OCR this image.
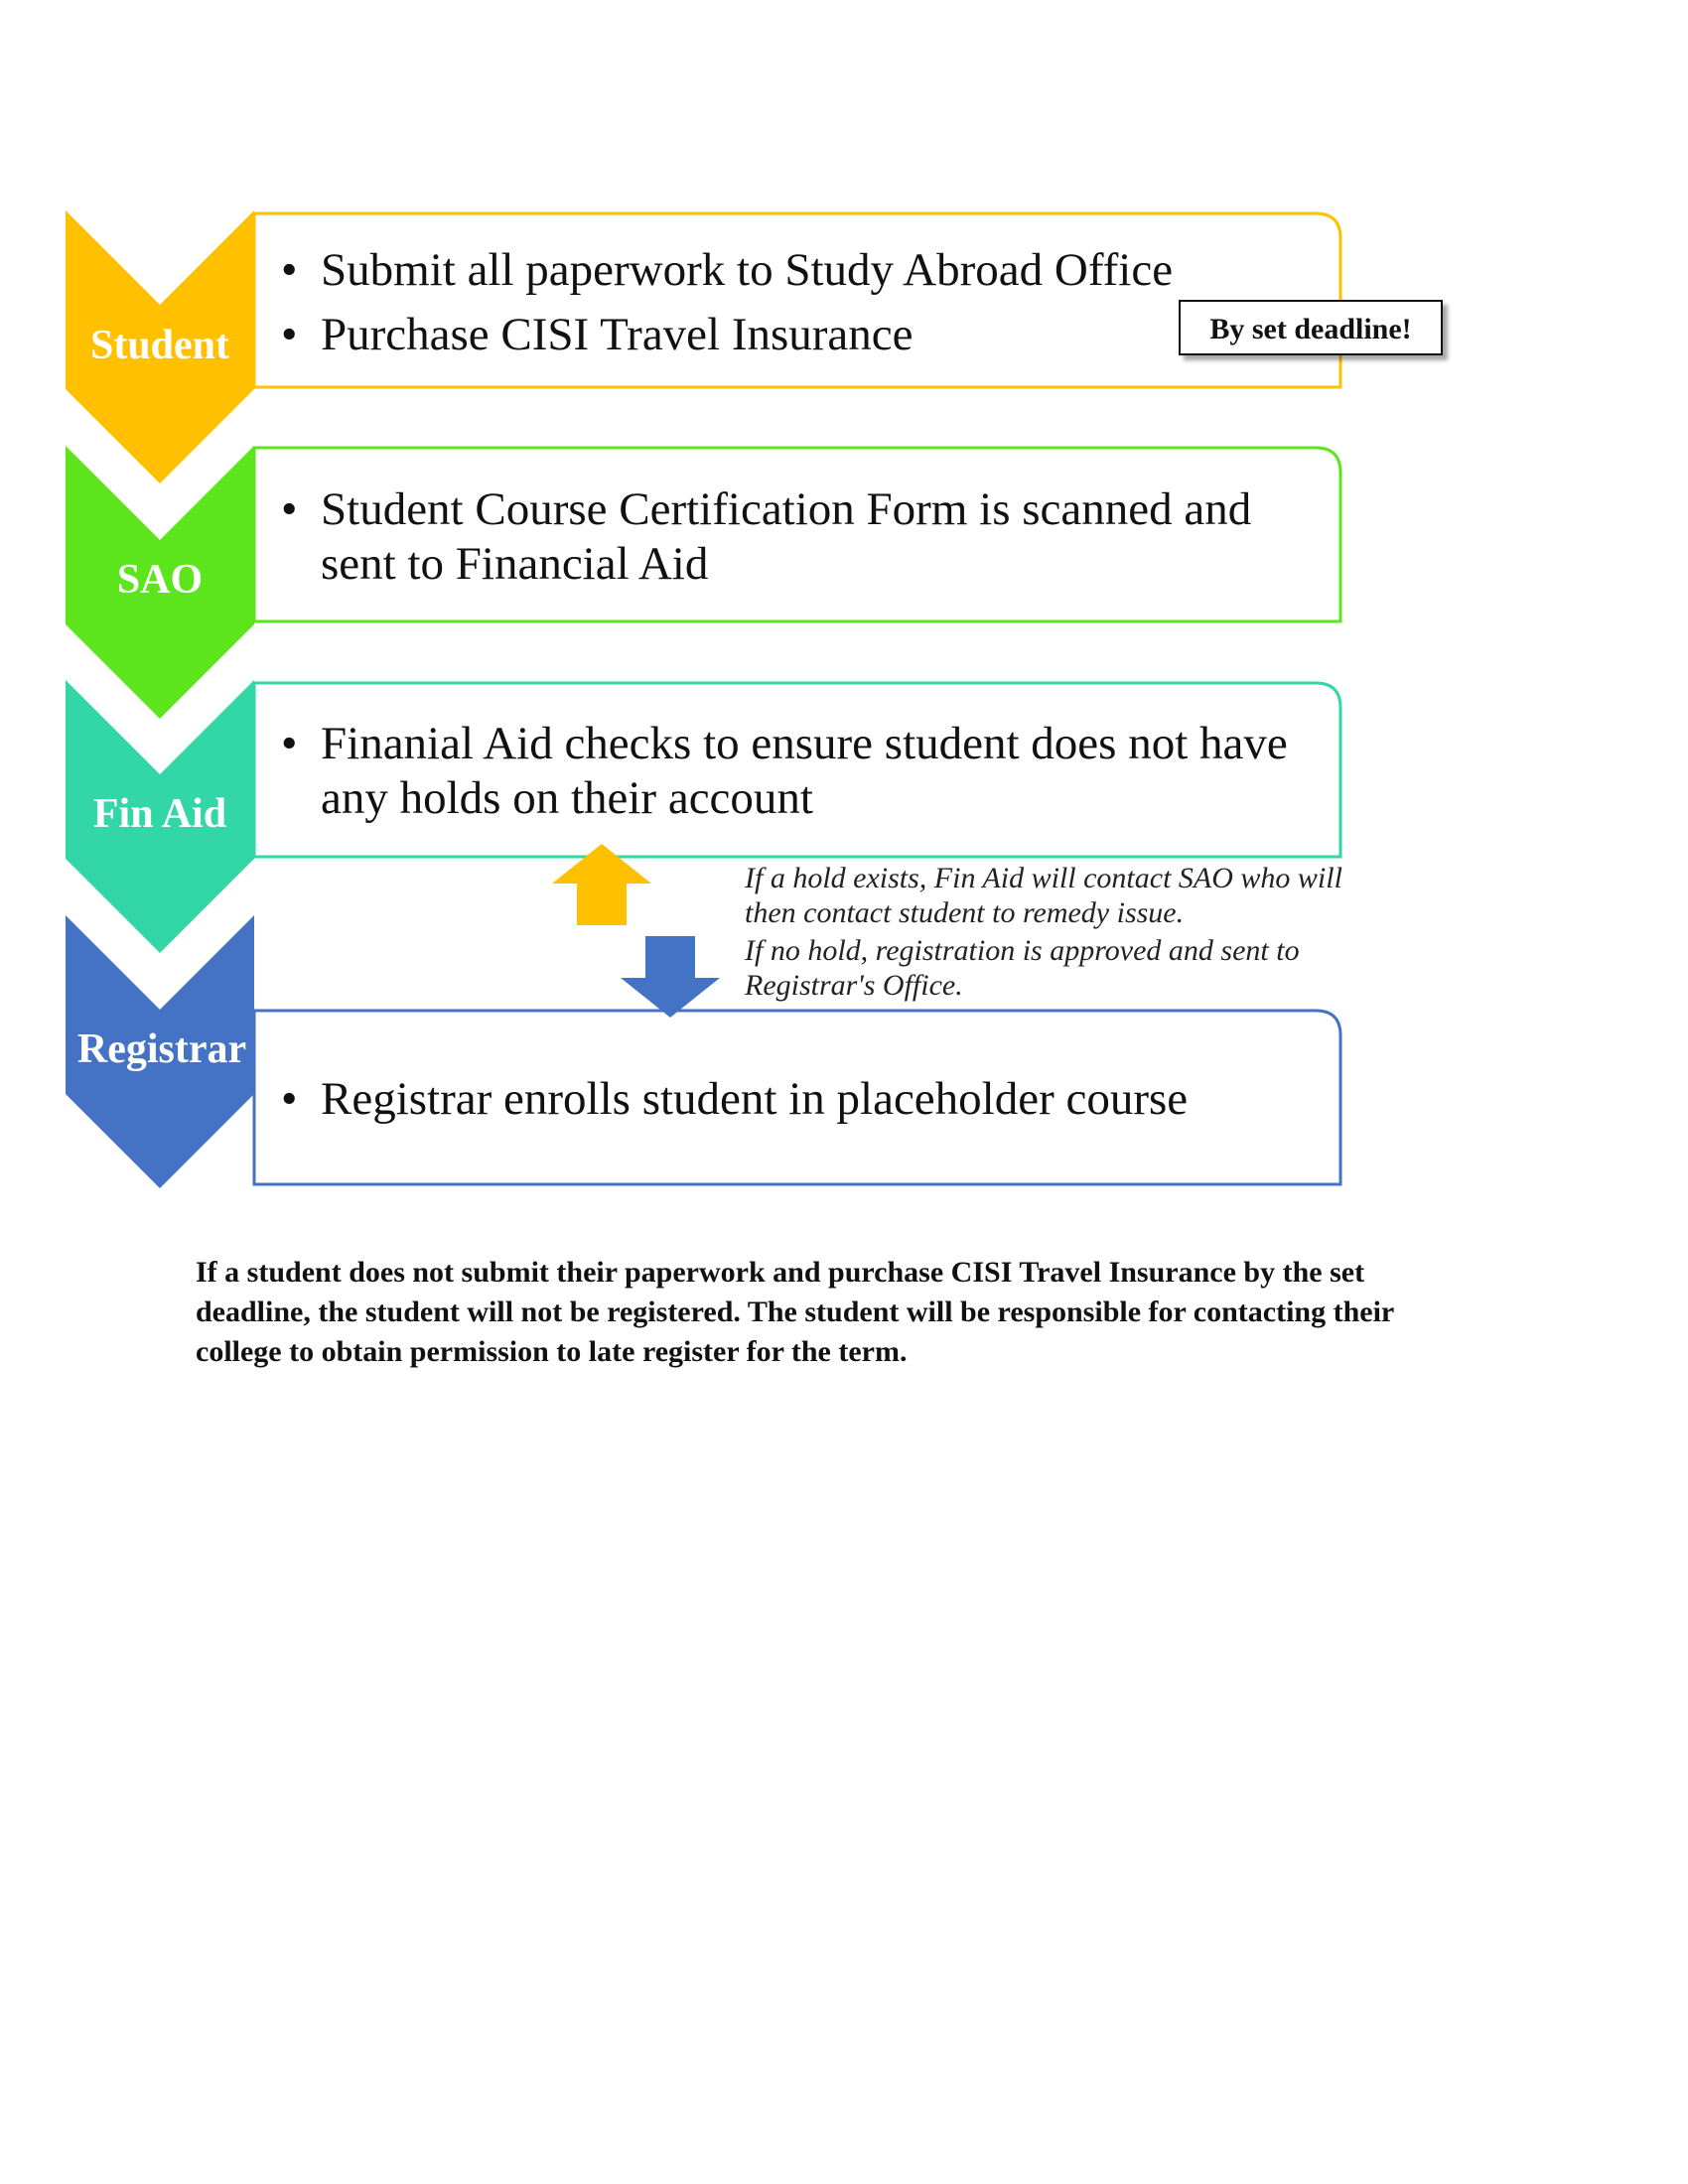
Student
SAO
Fin Aid
Registrar
• Submit all paperwork to Study Abroad Office
• Purchase CISI Travel Insurance	By set deadline!
• Student Course Certification Form is scanned and sent to Financial Aid
• Finanial Aid checks to ensure student does not have any holds on their account
If a hold exists, Fin Aid will contact SAO who will then contact student to remedy issue.
If no hold, registration is approved and sent to Registrar's Office.
• Registrar enrolls student in placeholder course
If a student does not submit their paperwork and purchase CISI Travel Insurance by the set deadline, the student will not be registered. The student will be responsible for contacting their college to obtain permission to late register for the term.
